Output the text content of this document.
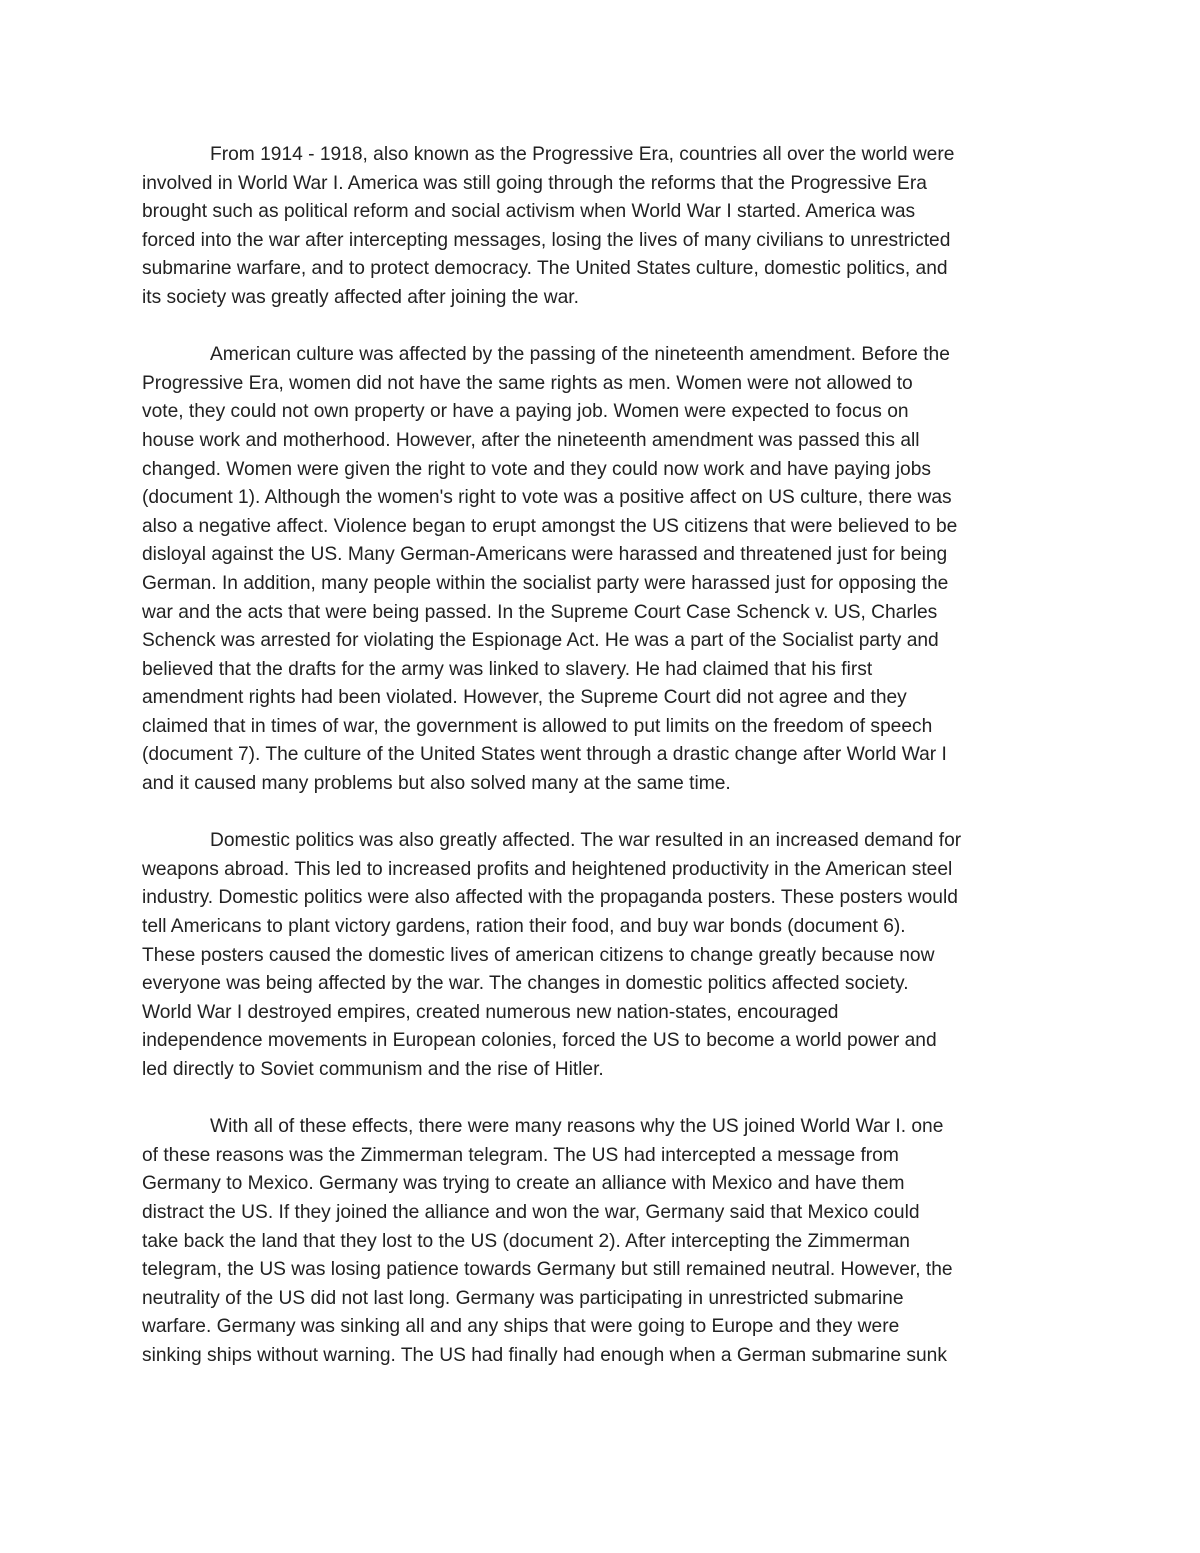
From 1914 - 1918, also known as the Progressive Era, countries all over the world were
involved in World War I. America was still going through the reforms that the Progressive Era
brought such as political reform and social activism when World War I started. America was
forced into the war after intercepting messages, losing the lives of many civilians to unrestricted
submarine warfare, and to protect democracy. The United States culture, domestic politics, and
its society was greatly affected after joining the war.
American culture was affected by the passing of the nineteenth amendment. Before the
Progressive Era, women did not have the same rights as men. Women were not allowed to
vote, they could not own property or have a paying job. Women were expected to focus on
house work and motherhood. However, after the nineteenth amendment was passed this all
changed. Women were given the right to vote and they could now work and have paying jobs
(document 1). Although the women's right to vote was a positive affect on US culture, there was
also a negative affect. Violence began to erupt amongst the US citizens that were believed to be
disloyal against the US. Many German-Americans were harassed and threatened just for being
German. In addition, many people within the socialist party were harassed just for opposing the
war and the acts that were being passed. In the Supreme Court Case Schenck v. US, Charles
Schenck was arrested for violating the Espionage Act. He was a part of the Socialist party and
believed that the drafts for the army was linked to slavery. He had claimed that his first
amendment rights had been violated. However, the Supreme Court did not agree and they
claimed that in times of war, the government is allowed to put limits on the freedom of speech
(document 7). The culture of the United States went through a drastic change after World War I
and it caused many problems but also solved many at the same time.
Domestic politics was also greatly affected. The war resulted in an increased demand for
weapons abroad. This led to increased profits and heightened productivity in the American steel
industry. Domestic politics were also affected with the propaganda posters. These posters would
tell Americans to plant victory gardens, ration their food, and buy war bonds (document 6).
These posters caused the domestic lives of american citizens to change greatly because now
everyone was being affected by the war. The changes in domestic politics affected society.
World War I destroyed empires, created numerous new nation-states, encouraged
independence movements in European colonies, forced the US to become a world power and
led directly to Soviet communism and the rise of Hitler.
With all of these effects, there were many reasons why the US joined World War I. one
of these reasons was the Zimmerman telegram. The US had intercepted a message from
Germany to Mexico. Germany was trying to create an alliance with Mexico and have them
distract the US. If they joined the alliance and won the war, Germany said that Mexico could
take back the land that they lost to the US (document 2). After intercepting the Zimmerman
telegram, the US was losing patience towards Germany but still remained neutral. However, the
neutrality of the US did not last long. Germany was participating in unrestricted submarine
warfare. Germany was sinking all and any ships that were going to Europe and they were
sinking ships without warning. The US had finally had enough when a German submarine sunk
